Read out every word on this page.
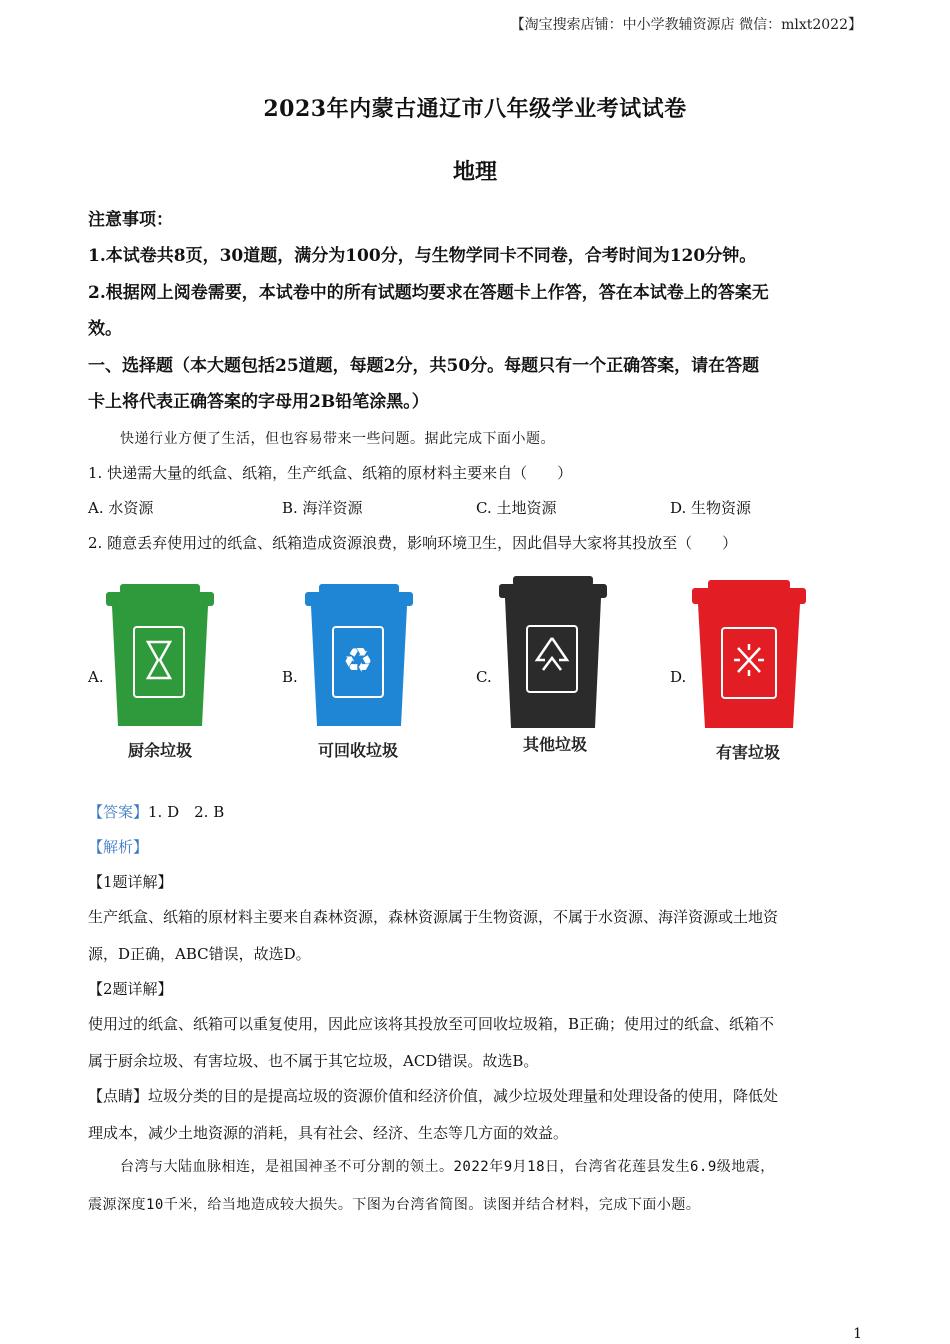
【淘宝搜索店铺：中小学教辅资源店 微信：mlxt2022】
2023年内蒙古通辽市八年级学业考试试卷
地理
注意事项：
1.本试卷共8页，30道题，满分为100分，与生物学同卡不同卷，合考时间为120分钟。
2.根据网上阅卷需要，本试卷中的所有试题均要求在答题卡上作答，答在本试卷上的答案无
效。
一、选择题（本大题包括25道题，每题2分，共50分。每题只有一个正确答案，请在答题
卡上将代表正确答案的字母用2B铅笔涂黑。）
快递行业方便了生活，但也容易带来一些问题。据此完成下面小题。
1. 快递需大量的纸盒、纸箱，生产纸盒、纸箱的原材料主要来自（　　）
A. 水资源	B. 海洋资源	C. 土地资源	D. 生物资源
2. 随意丢弃使用过的纸盒、纸箱造成资源浪费，影响环境卫生，因此倡导大家将其投放至（　　）
A.	B.	C.	D.
厨余垃圾
♻
可回收垃圾	其他垃圾	有害垃圾
【答案】1. D　2. B
【解析】
【1题详解】
生产纸盒、纸箱的原材料主要来自森林资源，森林资源属于生物资源，不属于水资源、海洋资源或土地资
源，D正确，ABC错误，故选D。
【2题详解】
使用过的纸盒、纸箱可以重复使用，因此应该将其投放至可回收垃圾箱，B正确；使用过的纸盒、纸箱不
属于厨余垃圾、有害垃圾、也不属于其它垃圾，ACD错误。故选B。
【点睛】垃圾分类的目的是提高垃圾的资源价值和经济价值，减少垃圾处理量和处理设备的使用，降低处
理成本，减少土地资源的消耗，具有社会、经济、生态等几方面的效益。
台湾与大陆血脉相连，是祖国神圣不可分割的领土。2022年9月18日，台湾省花莲县发生6.9级地震，
震源深度10千米，给当地造成较大损失。下图为台湾省简图。读图并结合材料，完成下面小题。
1
